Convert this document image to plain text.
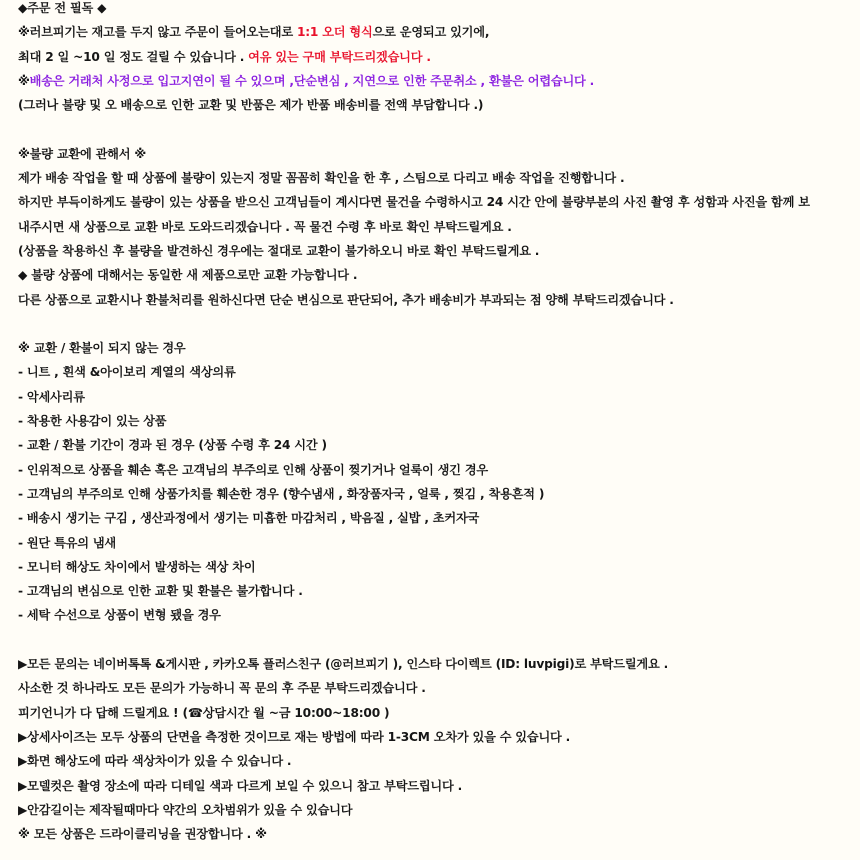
◆주문 전 필독 ◆
※러브피기는 재고를 두지 않고 주문이 들어오는대로 1:1 오더 형식으로 운영되고 있기에,
최대 2 일 ~10 일 정도 걸릴 수 있습니다 . 여유 있는 구매 부탁드리겠습니다 .
※배송은 거래처 사정으로 입고지연이 될 수 있으며 ,단순변심 , 지연으로 인한 주문취소 , 환불은 어렵습니다 .
(그러나 불량 및 오 배송으로 인한 교환 및 반품은 제가 반품 배송비를 전액 부담합니다 .)
※불량 교환에 관해서 ※
제가 배송 작업을 할 때 상품에 불량이 있는지 정말 꼼꼼히 확인을 한 후 , 스팀으로 다리고 배송 작업을 진행합니다 .
하지만 부득이하게도 불량이 있는 상품을 받으신 고객님들이 계시다면 물건을 수령하시고 24 시간 안에 불량부분의 사진 촬영 후 성함과 사진을 함께 보
내주시면 새 상품으로 교환 바로 도와드리겠습니다 . 꼭 물건 수령 후 바로 확인 부탁드릴게요 .
(상품을 착용하신 후 불량을 발견하신 경우에는 절대로 교환이 불가하오니 바로 확인 부탁드릴게요 .
◆ 불량 상품에 대해서는 동일한 새 제품으로만 교환 가능합니다 .
다른 상품으로 교환시나 환불처리를 원하신다면 단순 변심으로 판단되어, 추가 배송비가 부과되는 점 양해 부탁드리겠습니다 .
※ 교환 / 환불이 되지 않는 경우
- 니트 , 흰색 &아이보리 계열의 색상의류
- 악세사리류
- 착용한 사용감이 있는 상품
- 교환 / 환불 기간이 경과 된 경우 (상품 수령 후 24 시간 )
- 인위적으로 상품을 훼손 혹은 고객님의 부주의로 인해 상품이 찢기거나 얼룩이 생긴 경우
- 고객님의 부주의로 인해 상품가치를 훼손한 경우 (향수냄새 , 화장품자국 , 얼룩 , 찢김 , 착용흔적 )
- 배송시 생기는 구김 , 생산과정에서 생기는 미흡한 마감처리 , 박음질 , 실밥 , 초커자국
- 원단 특유의 냄새
- 모니터 해상도 차이에서 발생하는 색상 차이
- 고객님의 변심으로 인한 교환 및 환불은 불가합니다 .
- 세탁 수선으로 상품이 변형 됐을 경우
▶모든 문의는 네이버톡톡 &게시판 , 카카오톡 플러스친구 (@러브피기 ), 인스타 다이렉트 (ID: luvpigi)로 부탁드릴게요 .
사소한 것 하나라도 모든 문의가 가능하니 꼭 문의 후 주문 부탁드리겠습니다 .
피기언니가 다 답해 드릴게요 ! (☎상담시간 월 ~금 10:00~18:00 )
▶상세사이즈는 모두 상품의 단면을 측정한 것이므로 재는 방법에 따라 1-3CM 오차가 있을 수 있습니다 .
▶화면 해상도에 따라 색상차이가 있을 수 있습니다 .
▶모델컷은 촬영 장소에 따라 디테일 색과 다르게 보일 수 있으니 참고 부탁드립니다 .
▶안감길이는 제작될때마다 약간의 오차범위가 있을 수 있습니다
※ 모든 상품은 드라이클리닝을 권장합니다 . ※
